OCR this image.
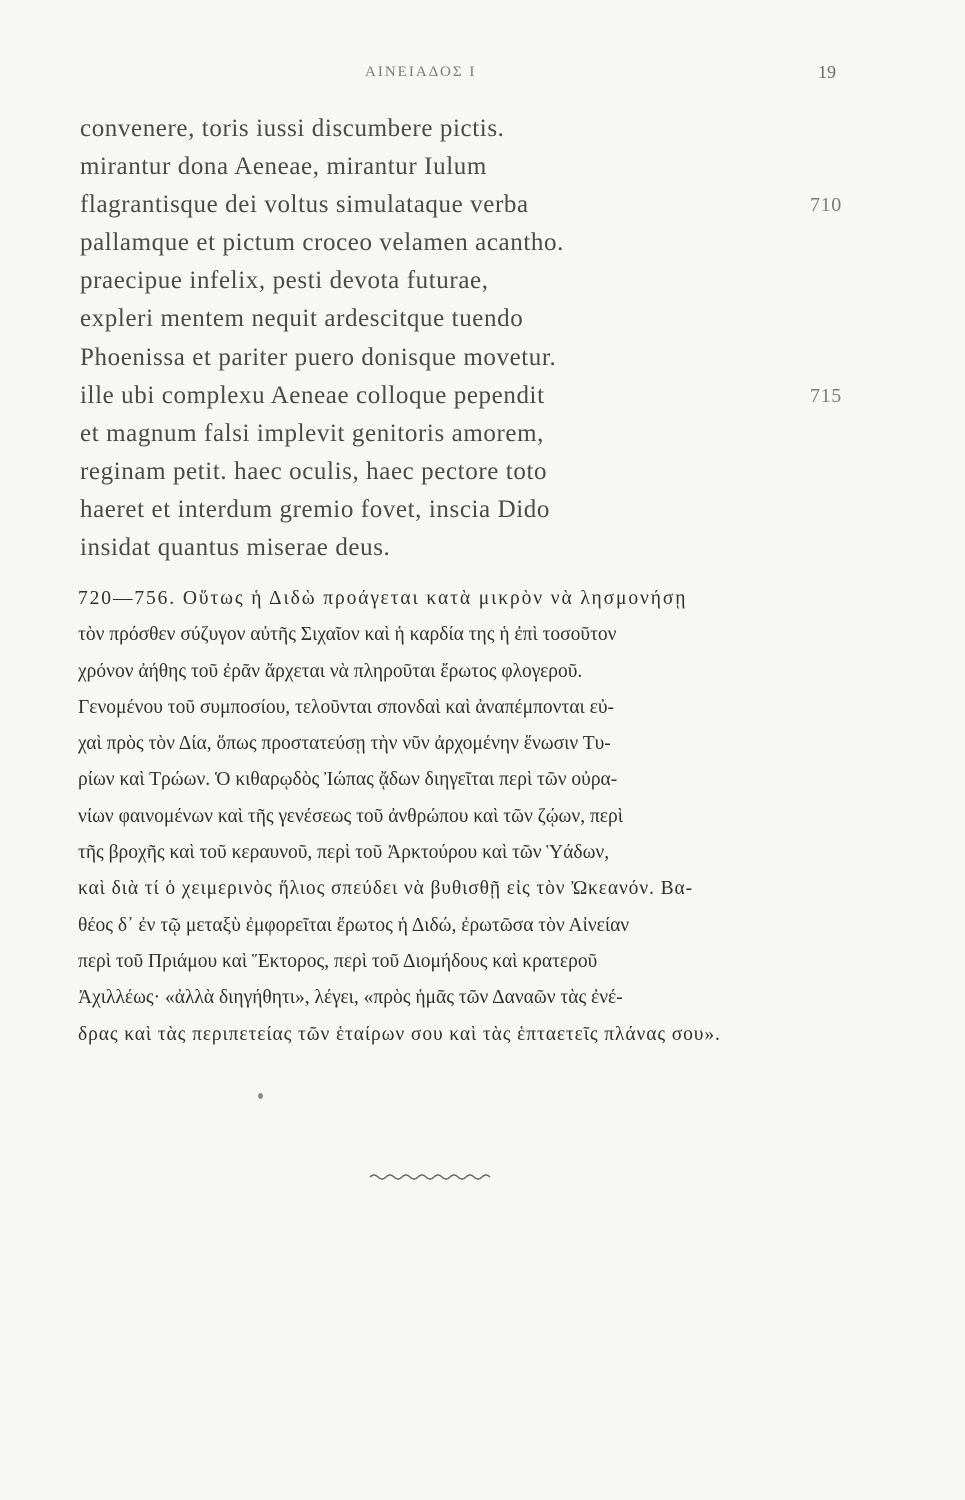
ΑΙΝΕΙΑΔΟΣ Ι	19
convenere, toris iussi discumbere pictis.
mirantur dona Aeneae, mirantur Iulum
flagrantisque dei voltus simulataque verba	710
pallamque et pictum croceo velamen acantho.
praecipue infelix, pesti devota futurae,
expleri mentem nequit ardescitque tuendo
Phoenissa et pariter puero donisque movetur.
ille ubi complexu Aeneae colloque pependit	715
et magnum falsi implevit genitoris amorem,
reginam petit. haec oculis, haec pectore toto
haeret et interdum gremio fovet, inscia Dido
insidat quantus miserae deus.
720—756. Οὕτως ἡ Διδὼ προάγεται κατὰ μικρὸν νὰ λησμονήσῃ
τὸν πρόσθεν σύζυγον αὐτῆς Σιχαῖον καὶ ἡ καρδία της ἡ ἐπὶ τοσοῦτον
χρόνον ἀήθης τοῦ ἐρᾶν ἄρχεται νὰ πληροῦται ἔρωτος φλογεροῦ.
Γενομένου τοῦ συμποσίου, τελοῦνται σπονδαὶ καὶ ἀναπέμπονται εὐ-
χαὶ πρὸς τὸν Δία, ὅπως προστατεύσῃ τὴν νῦν ἀρχομένην ἕνωσιν Τυ-
ρίων καὶ Τρώων. Ὁ κιθαρῳδὸς Ἰώπας ᾄδων διηγεῖται περὶ τῶν οὐρα-
νίων φαινομένων καὶ τῆς γενέσεως τοῦ ἀνθρώπου καὶ τῶν ζῴων, περὶ
τῆς βροχῆς καὶ τοῦ κεραυνοῦ, περὶ τοῦ Ἀρκτούρου καὶ τῶν Ὑάδων,
καὶ διὰ τί ὁ χειμερινὸς ἥλιος σπεύδει νὰ βυθισθῇ εἰς τὸν Ὠκεανόν. Βα-
θέος δ᾽ ἐν τῷ μεταξὺ ἐμφορεῖται ἔρωτος ἡ Διδώ, ἐρωτῶσα τὸν Αἰνείαν
περὶ τοῦ Πριάμου καὶ Ἕκτορος, περὶ τοῦ Διομήδους καὶ κρατεροῦ
Ἀχιλλέως· «ἀλλὰ διηγήθητι», λέγει, «πρὸς ἡμᾶς τῶν Δαναῶν τὰς ἐνέ-
δρας καὶ τὰς περιπετείας τῶν ἑταίρων σου καὶ τὰς ἑπταετεῖς πλάνας σου».
